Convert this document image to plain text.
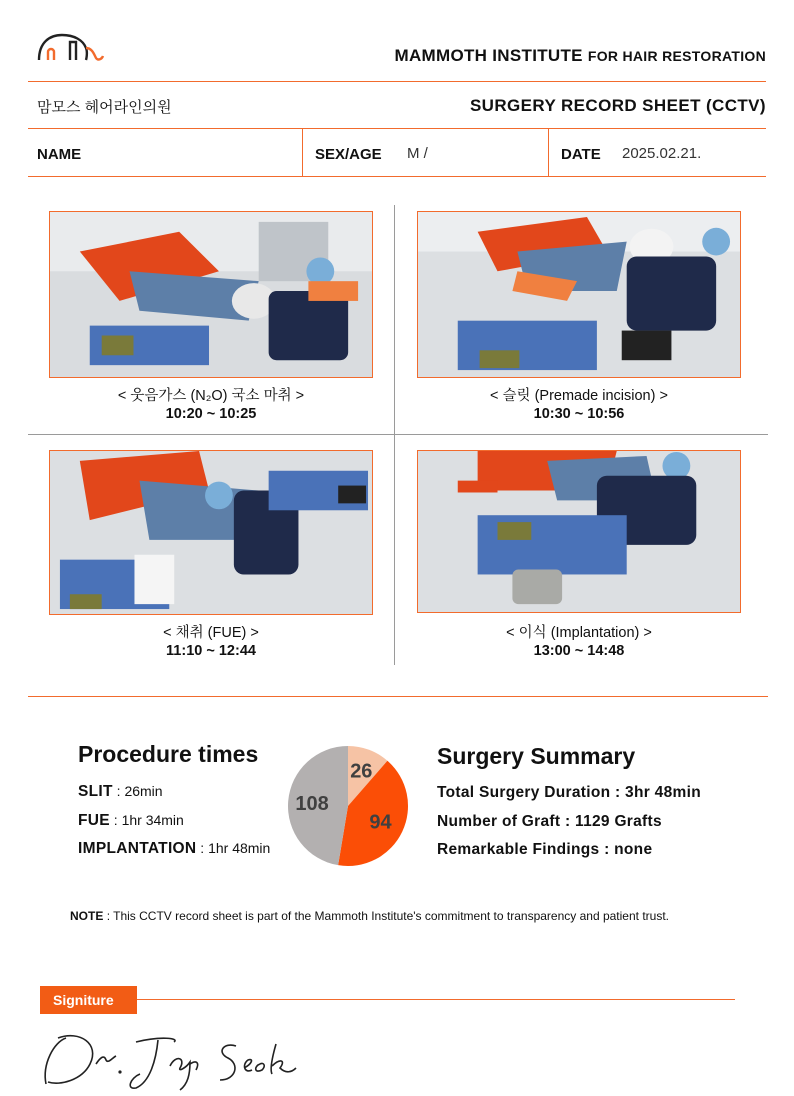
MAMMOTH INSTITUTE FOR HAIR RESTORATION
맘모스 헤어라인의원	SURGERY RECORD SHEET (CCTV)
NAME	SEX/AGE M /	DATE 2025.02.21.
< 웃음가스 (N₂O) 국소 마취 >
10:20 ~ 10:25
< 슬릿 (Premade incision) >
10:30 ~ 10:56
< 채취 (FUE) >
11:10 ~ 12:44
< 이식 (Implantation) >
13:00 ~ 14:48
Procedure times
SLIT : 26min
FUE : 1hr 34min
IMPLANTATION : 1hr 48min
26
94
108
Surgery Summary
Total Surgery Duration : 3hr 48min
Number of Graft : 1129 Grafts
Remarkable Findings : none
NOTE : This CCTV record sheet is part of the Mammoth Institute's commitment to transparency and patient trust.
Signiture
